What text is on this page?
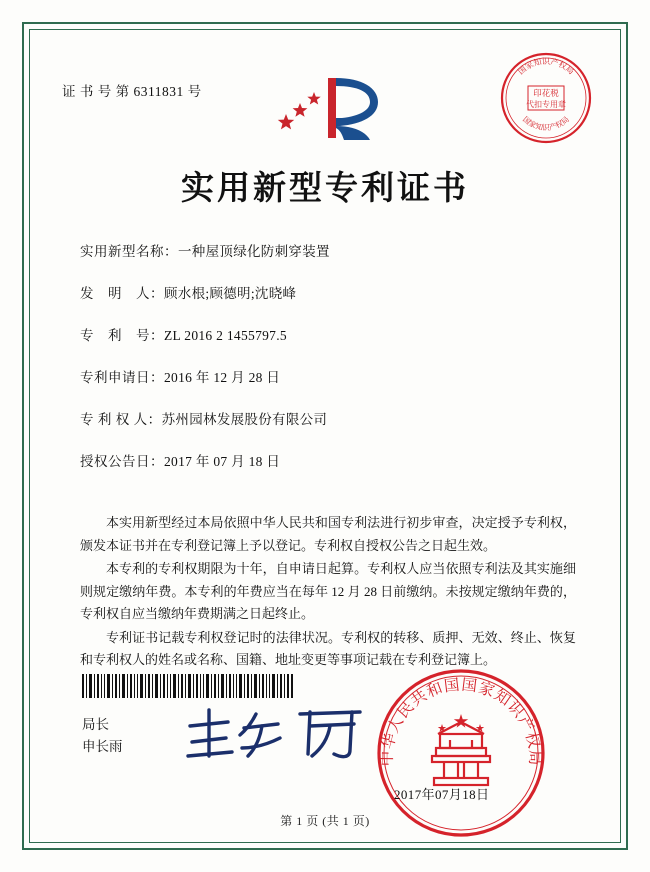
证 书 号 第 6311831 号	印花税
代扣专用章
国家知识产权局
国家知识产权局
实用新型专利证书
实用新型名称：一种屋顶绿化防刺穿装置
发　明　人：顾水根;顾德明;沈晓峰
专　利　号：ZL 2016 2 1455797.5
专利申请日：2016 年 12 月 28 日
专 利 权 人：苏州园林发展股份有限公司
授权公告日：2017 年 07 月 18 日

本实用新型经过本局依照中华人民共和国专利法进行初步审查，决定授予专利权，颁发本证书并在专利登记簿上予以登记。专利权自授权公告之日起生效。

本专利的专利权期限为十年，自申请日起算。专利权人应当依照专利法及其实施细则规定缴纳年费。本专利的年费应当在每年 12 月 28 日前缴纳。未按规定缴纳年费的，专利权自应当缴纳年费期满之日起终止。

专利证书记载专利权登记时的法律状况。专利权的转移、质押、无效、终止、恢复和专利权人的姓名或名称、国籍、地址变更等事项记载在专利登记簿上。

局长
申长雨
中华人民共和国国家知识产权局
2017年07月18日
第 1 页 (共 1 页)
